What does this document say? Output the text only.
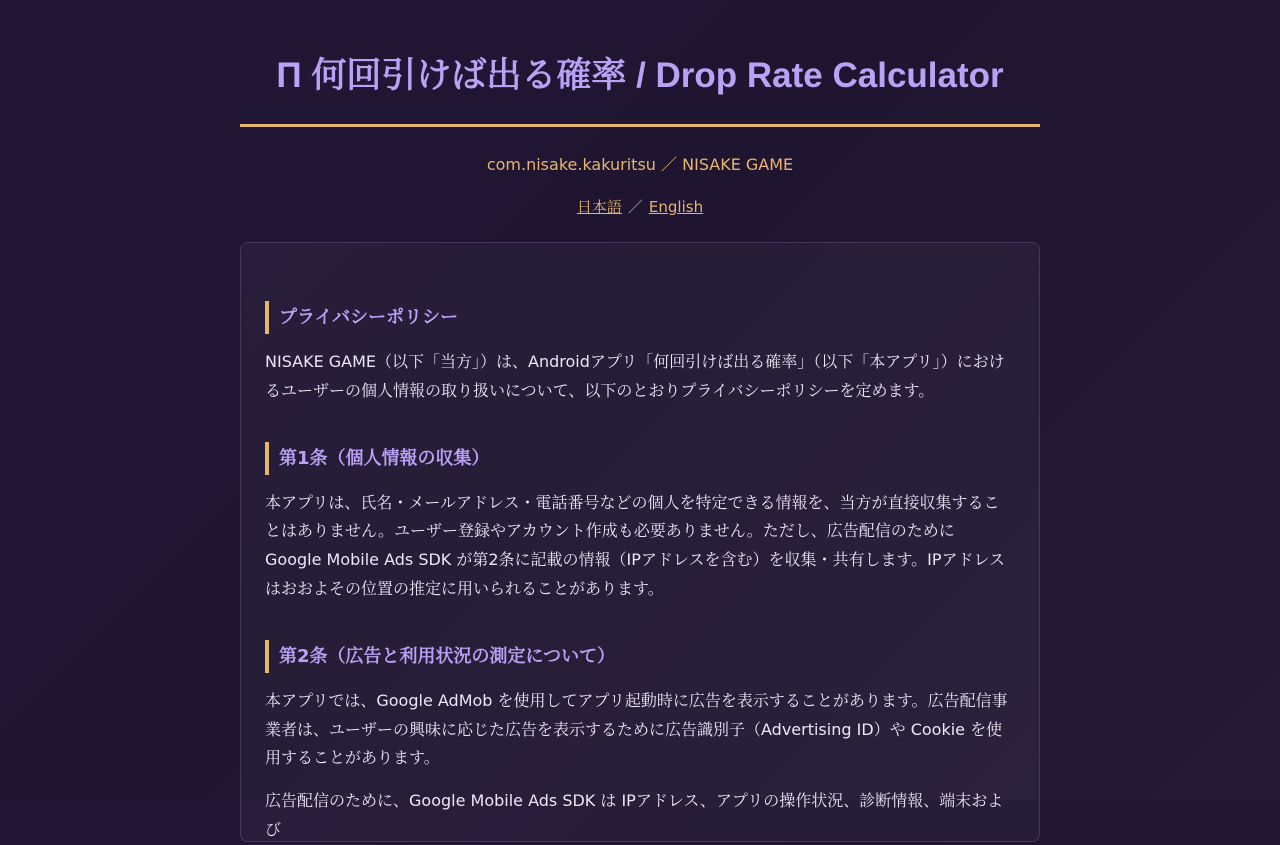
Π 何回引けば出る確率 / Drop Rate Calculator
com.nisake.kakuritsu ／ NISAKE GAME
日本語 ／ English
プライバシーポリシー

NISAKE GAME（以下「当方」）は、Androidアプリ「何回引けば出る確率」（以下「本アプリ」）におけるユーザーの個人情報の取り扱いについて、以下のとおりプライバシーポリシーを定めます。

第1条（個人情報の収集）

本アプリは、氏名・メールアドレス・電話番号などの個人を特定できる情報を、当方が直接収集することはありません。ユーザー登録やアカウント作成も必要ありません。ただし、広告配信のために Google Mobile Ads SDK が第2条に記載の情報（IPアドレスを含む）を収集・共有します。IPアドレスはおおよその位置の推定に用いられることがあります。

第2条（広告と利用状況の測定について）

本アプリでは、Google AdMob を使用してアプリ起動時に広告を表示することがあります。広告配信事業者は、ユーザーの興味に応じた広告を表示するために広告識別子（Advertising ID）や Cookie を使用することがあります。

広告配信のために、Google Mobile Ads SDK は IPアドレス、アプリの操作状況、診断情報、端末および
